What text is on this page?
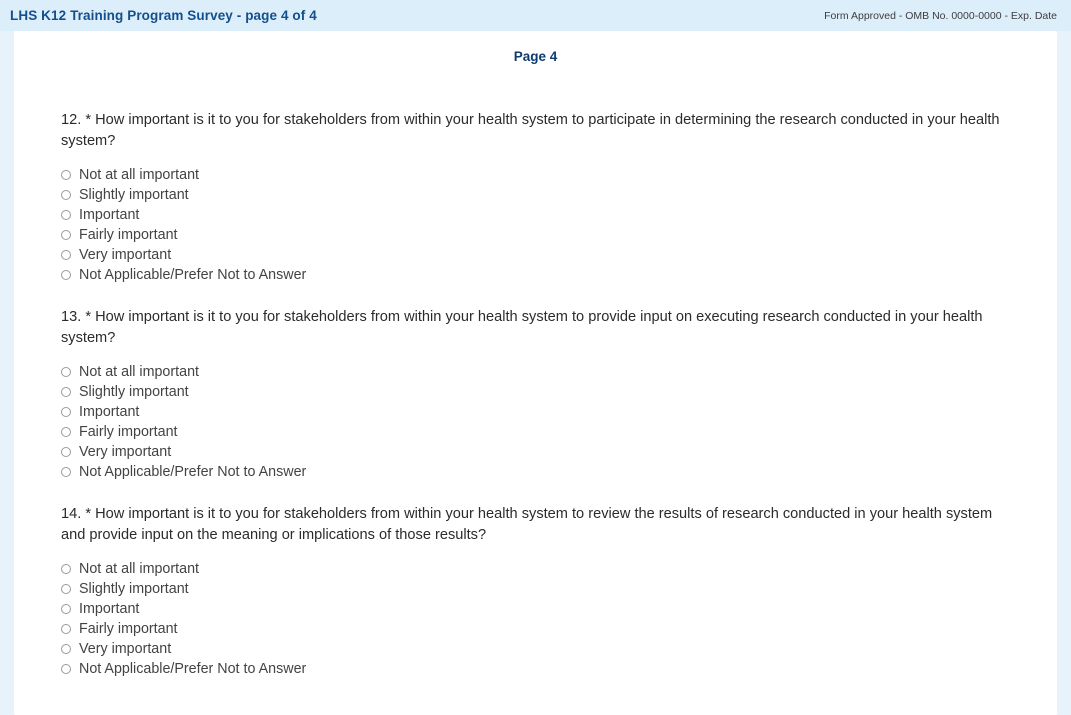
LHS K12 Training Program Survey - page 4 of 4	Form Approved - OMB No. 0000-0000 - Exp. Date
Page 4
12. * How important is it to you for stakeholders from within your health system to participate in determining the research conducted in your health system?
Not at all important
Slightly important
Important
Fairly important
Very important
Not Applicable/Prefer Not to Answer
13. * How important is it to you for stakeholders from within your health system to provide input on executing research conducted in your health system?
Not at all important
Slightly important
Important
Fairly important
Very important
Not Applicable/Prefer Not to Answer
14. * How important is it to you for stakeholders from within your health system to review the results of research conducted in your health system and provide input on the meaning or implications of those results?
Not at all important
Slightly important
Important
Fairly important
Very important
Not Applicable/Prefer Not to Answer
